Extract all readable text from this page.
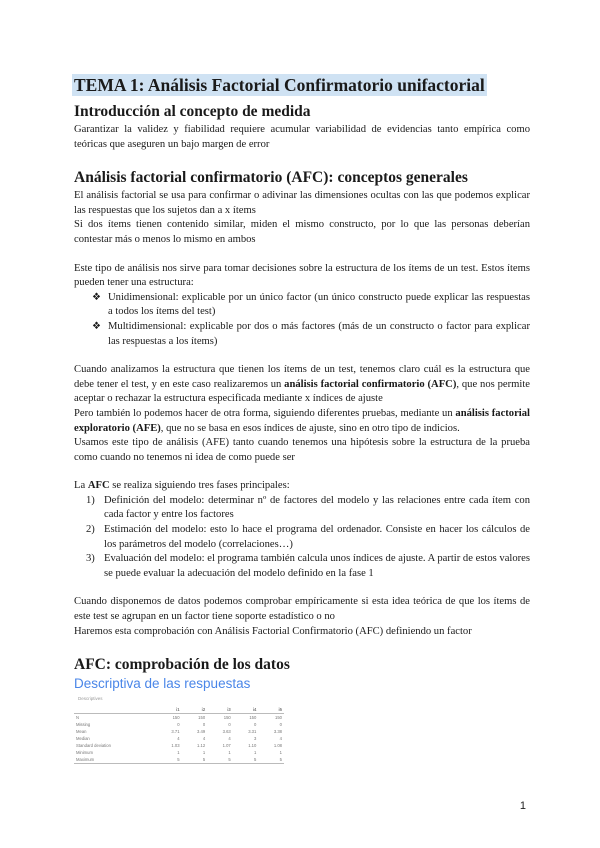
TEMA 1: Análisis Factorial Confirmatorio unifactorial
Introducción al concepto de medida

Garantizar la validez y fiabilidad requiere acumular variabilidad de evidencias tanto empírica como teóricas que aseguren un bajo margen de error

Análisis factorial confirmatorio (AFC): conceptos generales

El análisis factorial se usa para confirmar o adivinar las dimensiones ocultas con las que podemos explicar las respuestas que los sujetos dan a x ítems

Si dos ítems tienen contenido similar, miden el mismo constructo, por lo que las personas deberían contestar más o menos lo mismo en ambos

Este tipo de análisis nos sirve para tomar decisiones sobre la estructura de los ítems de un test. Estos ítems pueden tener una estructura:

❖ Unidimensional: explicable por un único factor (un único constructo puede explicar las respuestas a todos los ítems del test)
❖ Multidimensional: explicable por dos o más factores (más de un constructo o factor para explicar las respuestas a los ítems)

Cuando analizamos la estructura que tienen los ítems de un test, tenemos claro cuál es la estructura que debe tener el test, y en este caso realizaremos un análisis factorial confirmatorio (AFC), que nos permite aceptar o rechazar la estructura especificada mediante x índices de ajuste

Pero también lo podemos hacer de otra forma, siguiendo diferentes pruebas, mediante un análisis factorial exploratorio (AFE), que no se basa en esos índices de ajuste, sino en otro tipo de indicios.

Usamos este tipo de análisis (AFE) tanto cuando tenemos una hipótesis sobre la estructura de la prueba como cuando no tenemos ni idea de como puede ser

La AFC se realiza siguiendo tres fases principales:

1) Definición del modelo: determinar nº de factores del modelo y las relaciones entre cada ítem con cada factor y entre los factores
2) Estimación del modelo: esto lo hace el programa del ordenador. Consiste en hacer los cálculos de los parámetros del modelo (correlaciones…)
3) Evaluación del modelo: el programa también calcula unos índices de ajuste. A partir de estos valores se puede evaluar la adecuación del modelo definido en la fase 1

Cuando disponemos de datos podemos comprobar empíricamente si esta idea teórica de que los ítems de este test se agrupan en un factor tiene soporte estadístico o no

Haremos esta comprobación con Análisis Factorial Confirmatorio (AFC) definiendo un factor

AFC: comprobación de los datos
Descriptiva de las respuestas
Descriptives
	i1	i2	i3	i4	i5
N	150	150	150	150	150
Missing	0	0	0	0	0
Mean	3.71	3.49	3.63	3.31	3.38
Median	4	4	4	3	4
Standard deviation	1.03	1.12	1.07	1.10	1.08
Minimum	1	1	1	1	1
Maximum	5	5	5	5	5
1
